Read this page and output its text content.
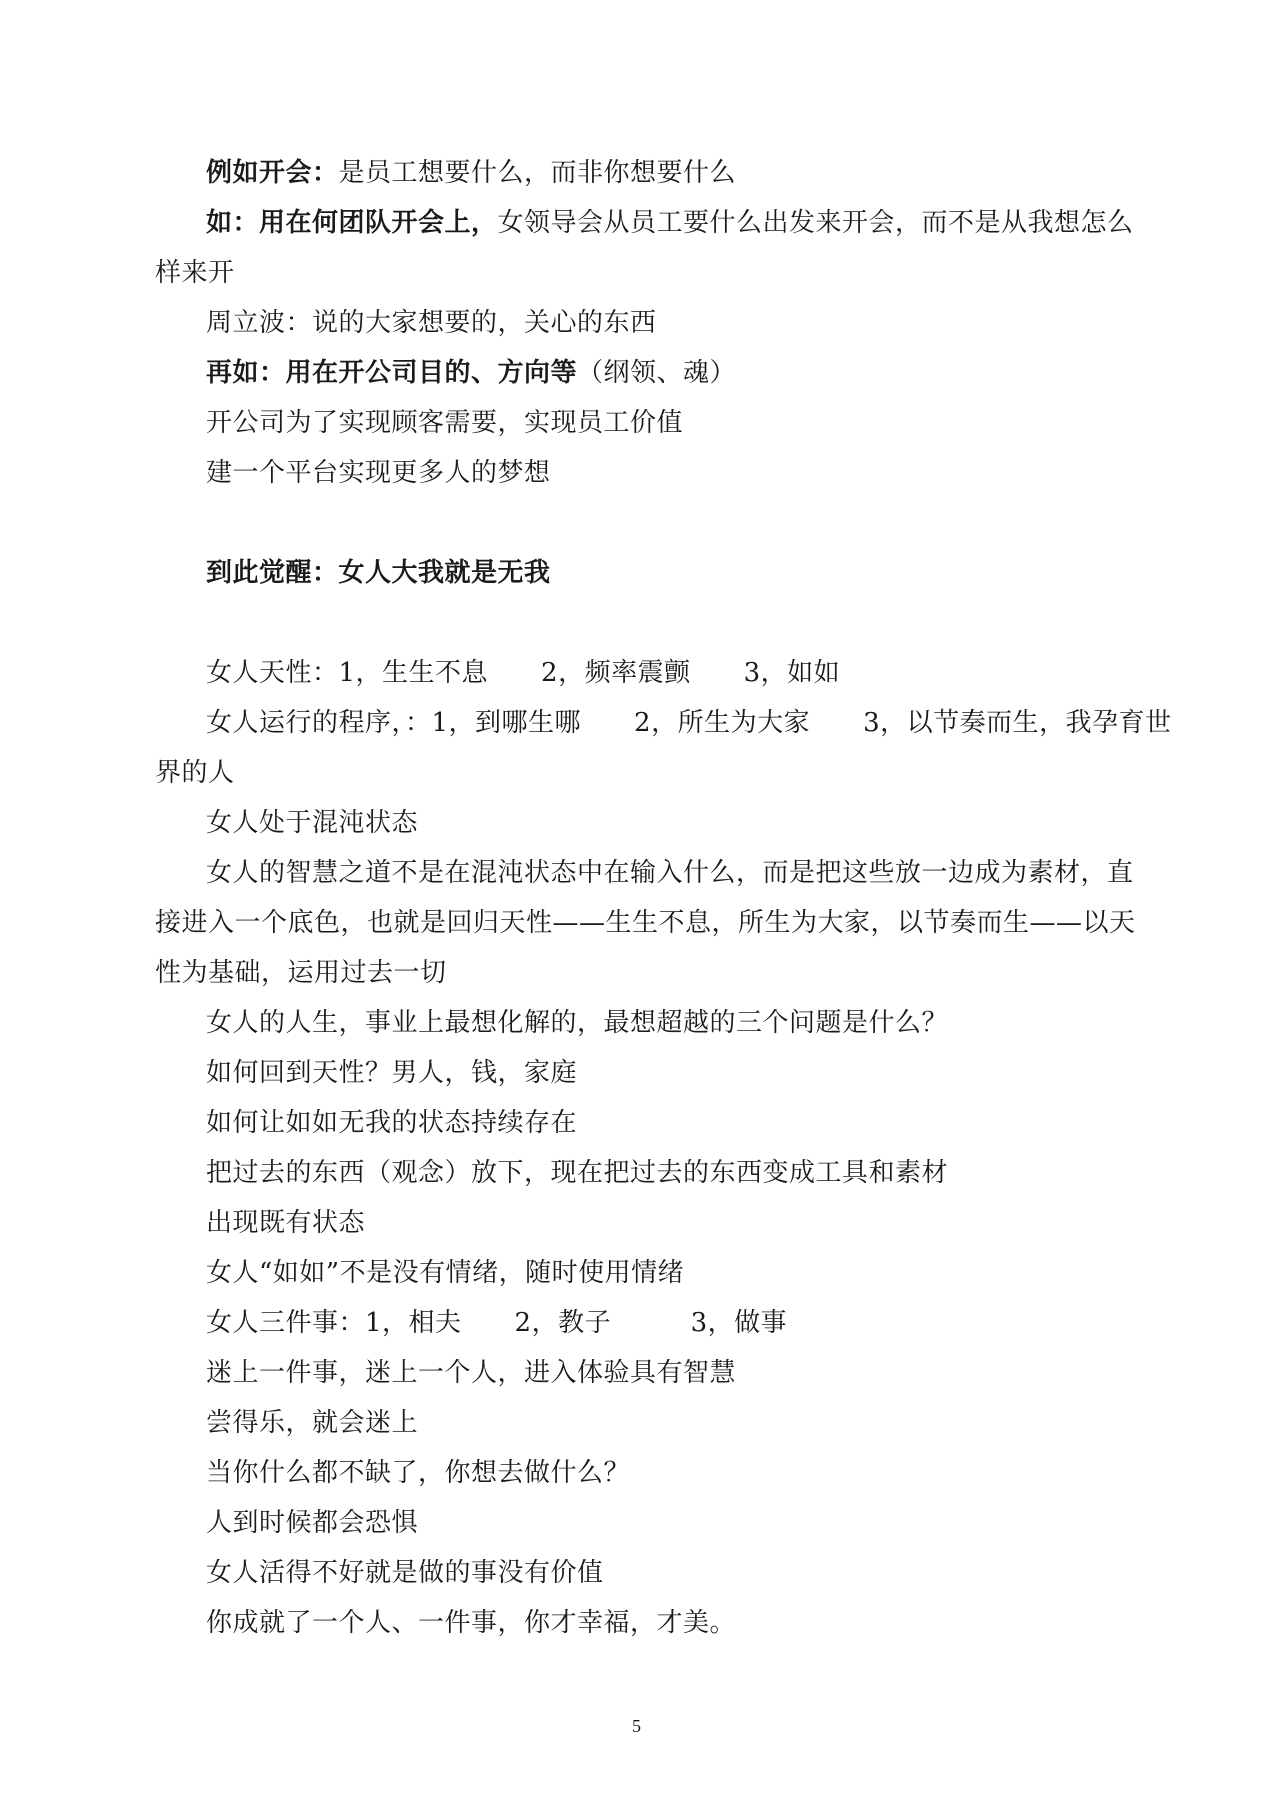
例如开会：是员工想要什么，而非你想要什么
如：用在何团队开会上，女领导会从员工要什么出发来开会，而不是从我想怎么
样来开
周立波：说的大家想要的，关心的东西
再如：用在开公司目的、方向等（纲领、魂）
开公司为了实现顾客需要，实现员工价值
建一个平台实现更多人的梦想
到此觉醒：女人大我就是无我
女人天性：1，生生不息　　2，频率震颤　　3，如如
女人运行的程序，：1，到哪生哪　　2，所生为大家　　3，以节奏而生，我孕育世
界的人
女人处于混沌状态
女人的智慧之道不是在混沌状态中在输入什么，而是把这些放一边成为素材，直
接进入一个底色，也就是回归天性——生生不息，所生为大家，以节奏而生——以天
性为基础，运用过去一切
女人的人生，事业上最想化解的，最想超越的三个问题是什么？
如何回到天性？男人，钱，家庭
如何让如如无我的状态持续存在
把过去的东西（观念）放下，现在把过去的东西变成工具和素材
出现既有状态
女人“如如”不是没有情绪，随时使用情绪
女人三件事：1，相夫　　2，教子　　　3，做事
迷上一件事，迷上一个人，进入体验具有智慧
尝得乐，就会迷上
当你什么都不缺了，你想去做什么？
人到时候都会恐惧
女人活得不好就是做的事没有价值
你成就了一个人、一件事，你才幸福，才美。
5
